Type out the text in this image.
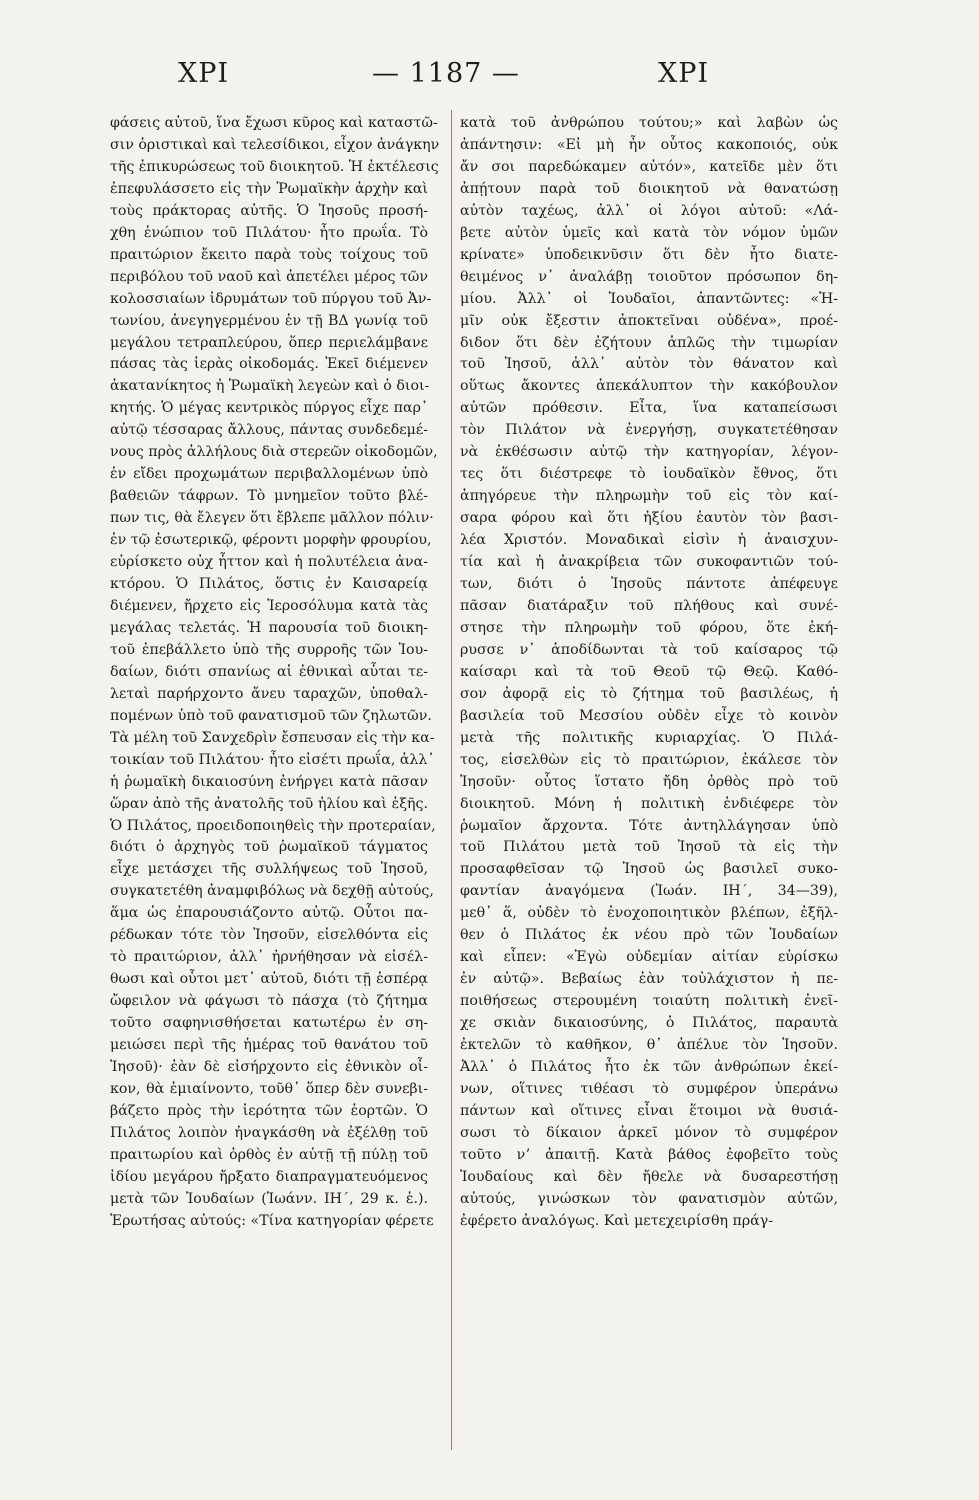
XPI	— 1187 —	XPI
φάσεις αὐτοῦ, ἵνα ἔχωσι κῦρος καὶ καταστῶ-
σιν ὁριστικαὶ καὶ τελεσίδικοι, εἶχον ἀνάγκην
τῆς ἐπικυρώσεως τοῦ διοικητοῦ. Ἡ ἐκτέλεσις
ἐπεφυλάσσετο εἰς τὴν Ῥωμαϊκὴν ἀρχὴν καὶ
τοὺς πράκτορας αὐτῆς. Ὁ Ἰησοῦς προσή-
χθη ἐνώπιον τοῦ Πιλάτου· ἦτο πρωΐα. Τὸ
πραιτώριον ἔκειτο παρὰ τοὺς τοίχους τοῦ
περιβόλου τοῦ ναοῦ καὶ ἀπετέλει μέρος τῶν
κολοσσιαίων ἱδρυμάτων τοῦ πύργου τοῦ Ἀν-
τωνίου, ἀνεγηγερμένου ἐν τῇ ΒΔ γωνίᾳ τοῦ
μεγάλου τετραπλεύρου, ὅπερ περιελάμβανε
πάσας τὰς ἱερὰς οἰκοδομάς. Ἐκεῖ διέμενεν
ἀκατανίκητος ἡ Ῥωμαϊκὴ λεγεὼν καὶ ὁ διοι-
κητής. Ὁ μέγας κεντρικὸς πύργος εἶχε παρ᾽
αὐτῷ τέσσαρας ἄλλους, πάντας συνδεδεμέ-
νους πρὸς ἀλλήλους διὰ στερεῶν οἰκοδομῶν,
ἐν εἴδει προχωμάτων περιβαλλομένων ὑπὸ
βαθειῶν τάφρων. Τὸ μνημεῖον τοῦτο βλέ-
πων τις, θὰ ἔλεγεν ὅτι ἔβλεπε μᾶλλον πόλιν·
ἐν τῷ ἐσωτερικῷ, φέροντι μορφὴν φρουρίου,
εὑρίσκετο οὐχ ἧττον καὶ ἡ πολυτέλεια ἀνα-
κτόρου. Ὁ Πιλάτος, ὅστις ἐν Καισαρείᾳ
διέμενεν, ἤρχετο εἰς Ἱεροσόλυμα κατὰ τὰς
μεγάλας τελετάς. Ἡ παρουσία τοῦ διοικη-
τοῦ ἐπεβάλλετο ὑπὸ τῆς συρροῆς τῶν Ἰου-
δαίων, διότι σπανίως αἱ ἐθνικαὶ αὗται τε-
λεταὶ παρήρχοντο ἄνευ ταραχῶν, ὑποθαλ-
πομένων ὑπὸ τοῦ φανατισμοῦ τῶν ζηλωτῶν.
Τὰ μέλη τοῦ Σανχεδρὶν ἔσπευσαν εἰς τὴν κα-
τοικίαν τοῦ Πιλάτου· ἦτο εἰσέτι πρωΐα, ἀλλ᾽
ἡ ῥωμαϊκὴ δικαιοσύνη ἐνήργει κατὰ πᾶσαν
ὥραν ἀπὸ τῆς ἀνατολῆς τοῦ ἡλίου καὶ ἑξῆς.
Ὁ Πιλάτος, προειδοποιηθεὶς τὴν προτεραίαν,
διότι ὁ ἀρχηγὸς τοῦ ῥωμαϊκοῦ τάγματος
εἶχε μετάσχει τῆς συλλήψεως τοῦ Ἰησοῦ,
συγκατετέθη ἀναμφιβόλως νὰ δεχθῇ αὐτούς,
ἅμα ὡς ἐπαρουσιάζοντο αὐτῷ. Οὗτοι πα-
ρέδωκαν τότε τὸν Ἰησοῦν, εἰσελθόντα εἰς
τὸ πραιτώριον, ἀλλ᾽ ἠρνήθησαν νὰ εἰσέλ-
θωσι καὶ οὗτοι μετ᾽ αὐτοῦ, διότι τῇ ἑσπέρᾳ
ὤφειλον νὰ φάγωσι τὸ πάσχα (τὸ ζήτημα
τοῦτο σαφηνισθήσεται κατωτέρω ἐν ση-
μειώσει περὶ τῆς ἡμέρας τοῦ θανάτου τοῦ
Ἰησοῦ)· ἐὰν δὲ εἰσήρχοντο εἰς ἐθνικὸν οἶ-
κον, θὰ ἐμιαίνοντο, τοῦθ᾽ ὅπερ δὲν συνεβι-
βάζετο πρὸς τὴν ἱερότητα τῶν ἑορτῶν. Ὁ
Πιλάτος λοιπὸν ἠναγκάσθη νὰ ἐξέλθῃ τοῦ
πραιτωρίου καὶ ὀρθὸς ἐν αὐτῇ τῇ πύλῃ τοῦ
ἰδίου μεγάρου ἤρξατο διαπραγματευόμενος
μετὰ τῶν Ἰουδαίων (Ἰωάνν. ΙΗ΄, 29 κ. ἑ.).
Ἐρωτήσας αὐτούς: «Τίνα κατηγορίαν φέρετε
κατὰ τοῦ ἀνθρώπου τούτου;» καὶ λαβὼν ὡς
ἀπάντησιν: «Εἰ μὴ ἦν οὗτος κακοποιός, οὐκ
ἄν σοι παρεδώκαμεν αὐτόν», κατεῖδε μὲν ὅτι
ἀπῄτουν παρὰ τοῦ διοικητοῦ νὰ θανατώσῃ
αὐτὸν ταχέως, ἀλλ᾽ οἱ λόγοι αὐτοῦ: «Λά-
βετε αὐτὸν ὑμεῖς καὶ κατὰ τὸν νόμον ὑμῶν
κρίνατε» ὑποδεικνῦσιν ὅτι δὲν ἦτο διατε-
θειμένος ν᾽ ἀναλάβῃ τοιοῦτον πρόσωπον δη-
μίου. Ἀλλ᾽ οἱ Ἰουδαῖοι, ἀπαντῶντες: «Ἡ-
μῖν οὐκ ἔξεστιν ἀποκτεῖναι οὐδένα», προέ-
διδον ὅτι δὲν ἐζήτουν ἁπλῶς τὴν τιμωρίαν
τοῦ Ἰησοῦ, ἀλλ᾽ αὐτὸν τὸν θάνατον καὶ
οὕτως ἄκοντες ἀπεκάλυπτον τὴν κακόβουλον
αὐτῶν πρόθεσιν. Εἶτα, ἵνα καταπείσωσι
τὸν Πιλάτον νὰ ἐνεργήσῃ, συγκατετέθησαν
νὰ ἐκθέσωσιν αὐτῷ τὴν κατηγορίαν, λέγον-
τες ὅτι διέστρεφε τὸ ἰουδαϊκὸν ἔθνος, ὅτι
ἀπηγόρευε τὴν πληρωμὴν τοῦ εἰς τὸν καί-
σαρα φόρου καὶ ὅτι ἠξίου ἑαυτὸν τὸν βασι-
λέα Χριστόν. Μοναδικαὶ εἰσὶν ἡ ἀναισχυν-
τία καὶ ἡ ἀνακρίβεια τῶν συκοφαντιῶν τού-
των, διότι ὁ Ἰησοῦς πάντοτε ἀπέφευγε
πᾶσαν διατάραξιν τοῦ πλήθους καὶ συνέ-
στησε τὴν πληρωμὴν τοῦ φόρου, ὅτε ἐκή-
ρυσσε ν᾽ ἀποδίδωνται τὰ τοῦ καίσαρος τῷ
καίσαρι καὶ τὰ τοῦ Θεοῦ τῷ Θεῷ. Καθό-
σον ἀφορᾷ εἰς τὸ ζήτημα τοῦ βασιλέως, ἡ
βασιλεία τοῦ Μεσσίου οὐδὲν εἶχε τὸ κοινὸν
μετὰ τῆς πολιτικῆς κυριαρχίας. Ὁ Πιλά-
τος, εἰσελθὼν εἰς τὸ πραιτώριον, ἐκάλεσε τὸν
Ἰησοῦν· οὗτος ἵστατο ἤδη ὀρθὸς πρὸ τοῦ
διοικητοῦ. Μόνη ἡ πολιτικὴ ἐνδιέφερε τὸν
ῥωμαῖον ἄρχοντα. Τότε ἀντηλλάγησαν ὑπὸ
τοῦ Πιλάτου μετὰ τοῦ Ἰησοῦ τὰ εἰς τὴν
προσαφθεῖσαν τῷ Ἰησοῦ ὡς βασιλεῖ συκο-
φαντίαν ἀναγόμενα (Ἰωάν. ΙΗ΄, 34—39),
μεθ᾽ ἅ, οὐδὲν τὸ ἐνοχοποιητικὸν βλέπων, ἐξῆλ-
θεν ὁ Πιλάτος ἐκ νέου πρὸ τῶν Ἰουδαίων
καὶ εἶπεν: «Ἐγὼ οὐδεμίαν αἰτίαν εὑρίσκω
ἐν αὐτῷ». Βεβαίως ἐὰν τοὐλάχιστον ἡ πε-
ποιθήσεως στερουμένη τοιαύτη πολιτικὴ ἐνεῖ-
χε σκιὰν δικαιοσύνης, ὁ Πιλάτος, παραυτὰ
ἐκτελῶν τὸ καθῆκον, θ᾽ ἀπέλυε τὸν Ἰησοῦν.
Ἀλλ᾽ ὁ Πιλάτος ἦτο ἐκ τῶν ἀνθρώπων ἐκεί-
νων, οἵτινες τιθέασι τὸ συμφέρον ὑπεράνω
πάντων καὶ οἵτινες εἶναι ἕτοιμοι νὰ θυσιά-
σωσι τὸ δίκαιον ἀρκεῖ μόνον τὸ συμφέρον
τοῦτο νʼ ἀπαιτῇ. Κατὰ βάθος ἐφοβεῖτο τοὺς
Ἰουδαίους καὶ δὲν ἤθελε νὰ δυσαρεστήσῃ
αὐτούς, γινώσκων τὸν φανατισμὸν αὐτῶν,
ἐφέρετο ἀναλόγως. Καὶ μετεχειρίσθη πράγ-
